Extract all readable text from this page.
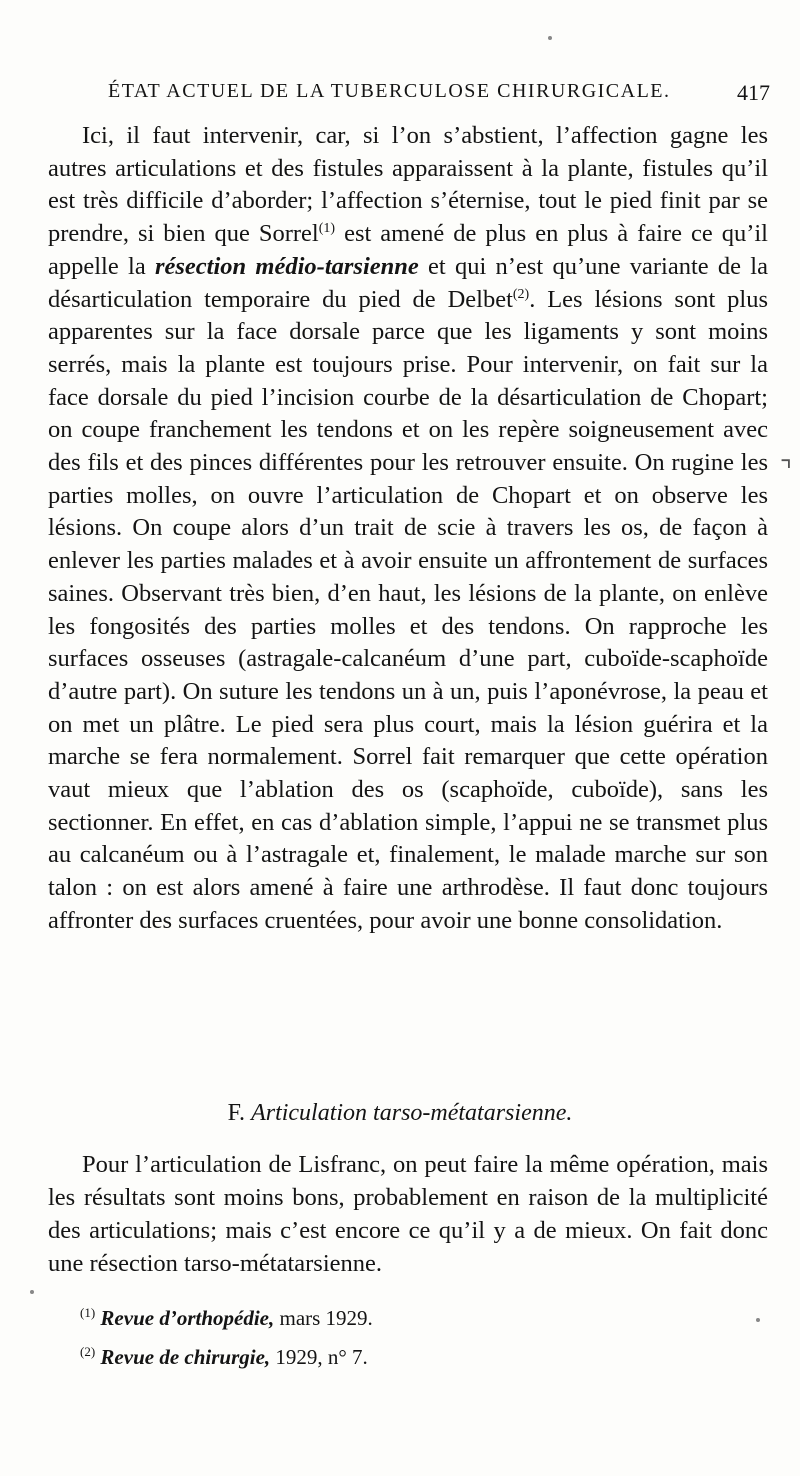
ÉTAT ACTUEL DE LA TUBERCULOSE CHIRURGICALE.	417

Ici, il faut intervenir, car, si l’on s’abstient, l’affection gagne les autres articulations et des fistules apparaissent à la plante, fistules qu’il est très difficile d’aborder; l’affection s’éternise, tout le pied finit par se prendre, si bien que Sorrel$^{(1)}$ est amené de plus en plus à faire ce qu’il appelle la résection médio-tarsienne et qui n’est qu’une variante de la désarticulation temporaire du pied de Delbet$^{(2)}$. Les lésions sont plus apparentes sur la face dorsale parce que les ligaments y sont moins serrés, mais la plante est toujours prise. Pour intervenir, on fait sur la face dorsale du pied l’incision courbe de la désarticulation de Chopart; on coupe franchement les tendons et on les repère soigneusement avec des fils et des pinces différentes pour les retrouver ensuite. On rugine les parties molles, on ouvre l’articulation de Chopart et on observe les lésions. On coupe alors d’un trait de scie à travers les os, de façon à enlever les parties malades et à avoir ensuite un affrontement de surfaces saines. Observant très bien, d’en haut, les lésions de la plante, on enlève les fongosités des parties molles et des tendons. On rapproche les surfaces osseuses (astragale-calcanéum d’une part, cuboïde-scaphoïde d’autre part). On suture les tendons un à un, puis l’aponévrose, la peau et on met un plâtre. Le pied sera plus court, mais la lésion guérira et la marche se fera normalement. Sorrel fait remarquer que cette opération vaut mieux que l’ablation des os (scaphoïde, cuboïde), sans les sectionner. En effet, en cas d’ablation simple, l’appui ne se transmet plus au calcanéum ou à l’astragale et, finalement, le malade marche sur son talon : on est alors amené à faire une arthrodèse. Il faut donc toujours affronter des surfaces cruentées, pour avoir une bonne consolidation.

F. Articulation tarso-métatarsienne.

Pour l’articulation de Lisfranc, on peut faire la même opération, mais les résultats sont moins bons, probablement en raison de la multiplicité des articulations; mais c’est encore ce qu’il y a de mieux. On fait donc une résection tarso-métatarsienne.

$^{(1)}$ Revue d’orthopédie, mars 1929.
$^{(2)}$ Revue de chirurgie, 1929, n° 7.
⌝
